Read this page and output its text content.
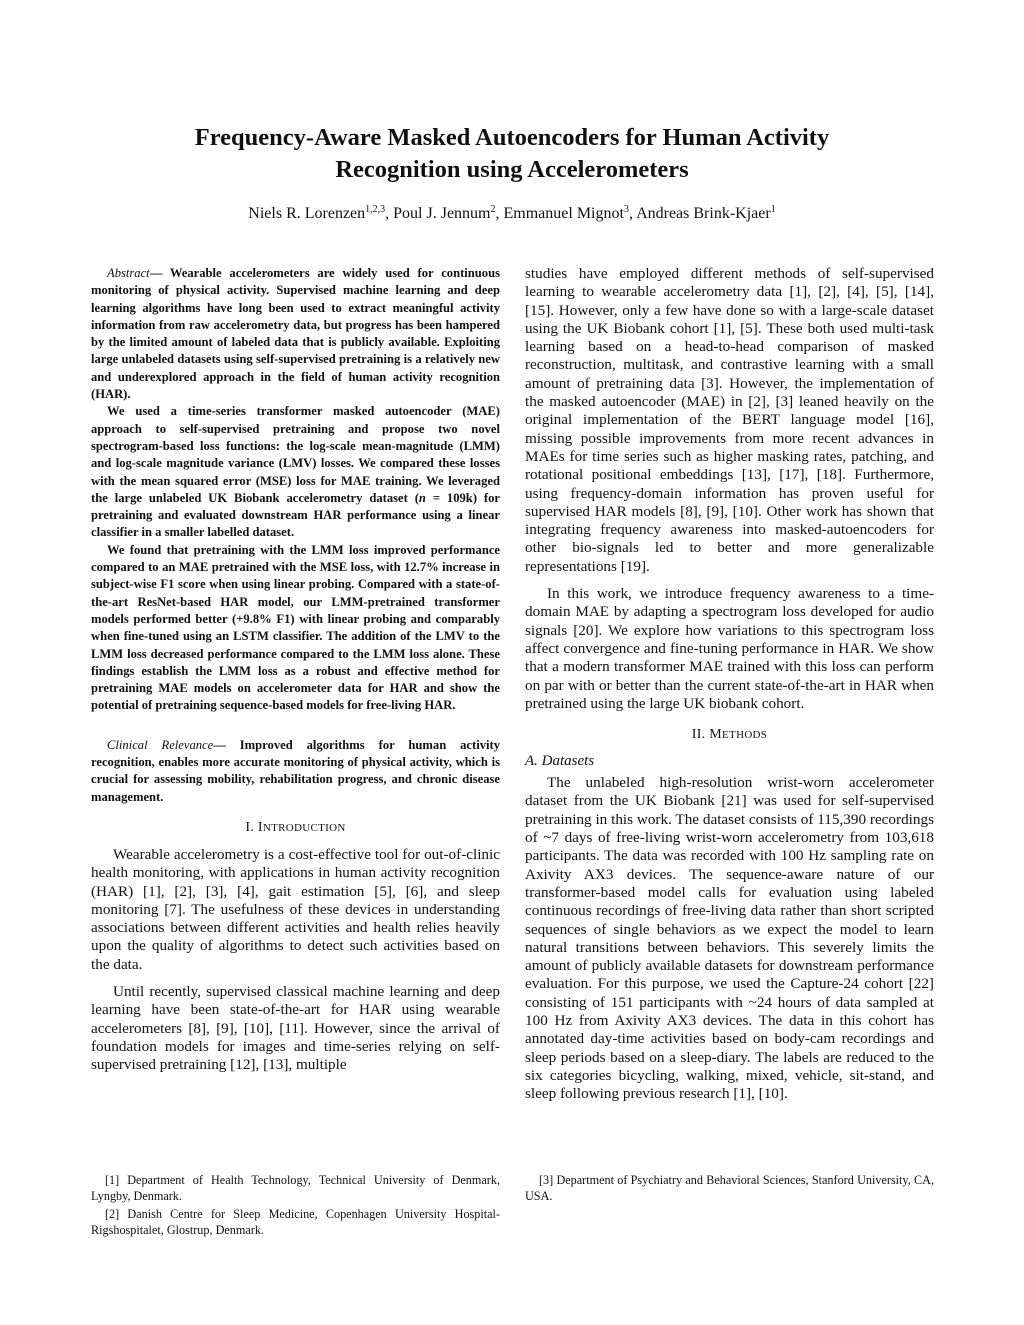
Frequency-Aware Masked Autoencoders for Human Activity
Recognition using Accelerometers
Niels R. Lorenzen$^{1,2,3}$, Poul J. Jennum$^2$, Emmanuel Mignot$^3$, Andreas Brink-Kjaer$^1$

Abstract— Wearable accelerometers are widely used for continuous monitoring of physical activity. Supervised machine learning and deep learning algorithms have long been used to extract meaningful activity information from raw accelerometry data, but progress has been hampered by the limited amount of labeled data that is publicly available. Exploiting large unlabeled datasets using self-supervised pretraining is a relatively new and underexplored approach in the field of human activity recognition (HAR).

We used a time-series transformer masked autoencoder (MAE) approach to self-supervised pretraining and propose two novel spectrogram-based loss functions: the log-scale mean-magnitude (LMM) and log-scale magnitude variance (LMV) losses. We compared these losses with the mean squared error (MSE) loss for MAE training. We leveraged the large unlabeled UK Biobank accelerometry dataset (n = 109k) for pretraining and evaluated downstream HAR performance using a linear classifier in a smaller labelled dataset.

We found that pretraining with the LMM loss improved performance compared to an MAE pretrained with the MSE loss, with 12.7% increase in subject-wise F1 score when using linear probing. Compared with a state-of-the-art ResNet-based HAR model, our LMM-pretrained transformer models performed better (+9.8% F1) with linear probing and comparably when fine-tuned using an LSTM classifier. The addition of the LMV to the LMM loss decreased performance compared to the LMM loss alone. These findings establish the LMM loss as a robust and effective method for pretraining MAE models on accelerometer data for HAR and show the potential of pretraining sequence-based models for free-living HAR.

Clinical Relevance— Improved algorithms for human activity recognition, enables more accurate monitoring of physical activity, which is crucial for assessing mobility, rehabilitation progress, and chronic disease management.

I. INTRODUCTION

Wearable accelerometry is a cost-effective tool for out-of-clinic health monitoring, with applications in human activity recognition (HAR) [1], [2], [3], [4], gait estimation [5], [6], and sleep monitoring [7]. The usefulness of these devices in understanding associations between different activities and health relies heavily upon the quality of algorithms to detect such activities based on the data.

Until recently, supervised classical machine learning and deep learning have been state-of-the-art for HAR using wearable accelerometers [8], [9], [10], [11]. However, since the arrival of foundation models for images and time-series relying on self-supervised pretraining [12], [13], multiple

studies have employed different methods of self-supervised learning to wearable accelerometry data [1], [2], [4], [5], [14], [15]. However, only a few have done so with a large-scale dataset using the UK Biobank cohort [1], [5]. These both used multi-task learning based on a head-to-head comparison of masked reconstruction, multitask, and contrastive learning with a small amount of pretraining data [3]. However, the implementation of the masked autoencoder (MAE) in [2], [3] leaned heavily on the original implementation of the BERT language model [16], missing possible improvements from more recent advances in MAEs for time series such as higher masking rates, patching, and rotational positional embeddings [13], [17], [18]. Furthermore, using frequency-domain information has proven useful for supervised HAR models [8], [9], [10]. Other work has shown that integrating frequency awareness into masked-autoencoders for other bio-signals led to better and more generalizable representations [19].

In this work, we introduce frequency awareness to a time-domain MAE by adapting a spectrogram loss developed for audio signals [20]. We explore how variations to this spectrogram loss affect convergence and fine-tuning performance in HAR. We show that a modern transformer MAE trained with this loss can perform on par with or better than the current state-of-the-art in HAR when pretrained using the large UK biobank cohort.

II. METHODS
A. Datasets

The unlabeled high-resolution wrist-worn accelerometer dataset from the UK Biobank [21] was used for self-supervised pretraining in this work. The dataset consists of 115,390 recordings of ~7 days of free-living wrist-worn accelerometry from 103,618 participants. The data was recorded with 100 Hz sampling rate on Axivity AX3 devices. The sequence-aware nature of our transformer-based model calls for evaluation using labeled continuous recordings of free-living data rather than short scripted sequences of single behaviors as we expect the model to learn natural transitions between behaviors. This severely limits the amount of publicly available datasets for downstream performance evaluation. For this purpose, we used the Capture-24 cohort [22] consisting of 151 participants with ~24 hours of data sampled at 100 Hz from Axivity AX3 devices. The data in this cohort has annotated day-time activities based on body-cam recordings and sleep periods based on a sleep-diary. The labels are reduced to the six categories bicycling, walking, mixed, vehicle, sit-stand, and sleep following previous research [1], [10].

[1] Department of Health Technology, Technical University of Denmark, Lyngby, Denmark.

[2] Danish Centre for Sleep Medicine, Copenhagen University Hospital-Rigshospitalet, Glostrup, Denmark.

[3] Department of Psychiatry and Behavioral Sciences, Stanford University, CA, USA.
